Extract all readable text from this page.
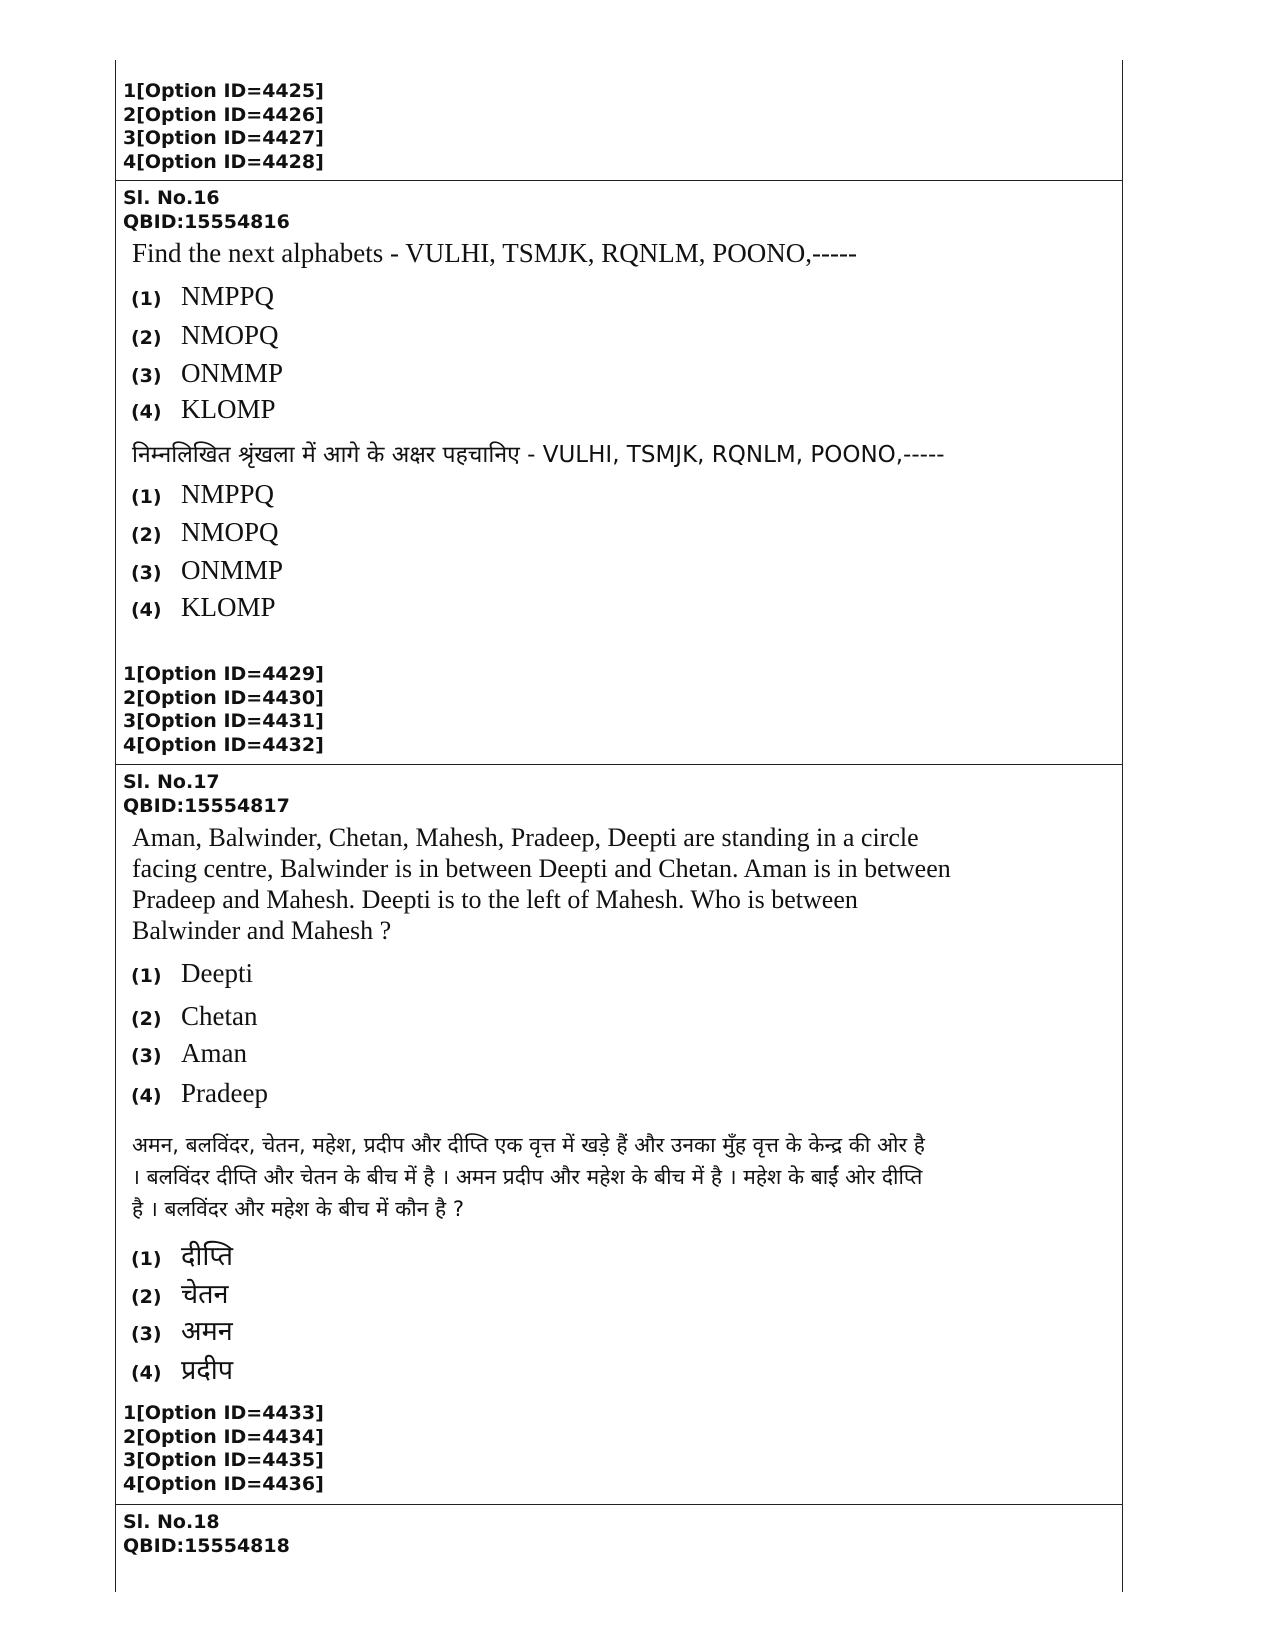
1[Option ID=4425]
2[Option ID=4426]
3[Option ID=4427]
4[Option ID=4428]
Sl. No.16
QBID:15554816
Find the next alphabets - VULHI, TSMJK, RQNLM, POONO,-----
(1) NMPPQ
(2) NMOPQ
(3) ONMMP
(4) KLOMP
निम्नलिखित श्रृंखला में आगे के अक्षर पहचानिए - VULHI, TSMJK, RQNLM, POONO,-----
(1) NMPPQ
(2) NMOPQ
(3) ONMMP
(4) KLOMP
1[Option ID=4429]
2[Option ID=4430]
3[Option ID=4431]
4[Option ID=4432]
Sl. No.17
QBID:15554817
Aman, Balwinder, Chetan, Mahesh, Pradeep, Deepti are standing in a circle
facing centre, Balwinder is in between Deepti and Chetan. Aman is in between
Pradeep and Mahesh. Deepti is to the left of Mahesh. Who is between
Balwinder and Mahesh ?
(1) Deepti
(2) Chetan
(3) Aman
(4) Pradeep
अमन, बलविंदर, चेतन, महेश, प्रदीप और दीप्ति एक वृत्त में खड़े हैं और उनका मुँह वृत्त के केन्द्र की ओर है
। बलविंदर दीप्ति और चेतन के बीच में है । अमन प्रदीप और महेश के बीच में है । महेश के बाईं ओर दीप्ति
है । बलविंदर और महेश के बीच में कौन है ?
(1) दीप्ति
(2) चेतन
(3) अमन
(4) प्रदीप
1[Option ID=4433]
2[Option ID=4434]
3[Option ID=4435]
4[Option ID=4436]
Sl. No.18
QBID:15554818
